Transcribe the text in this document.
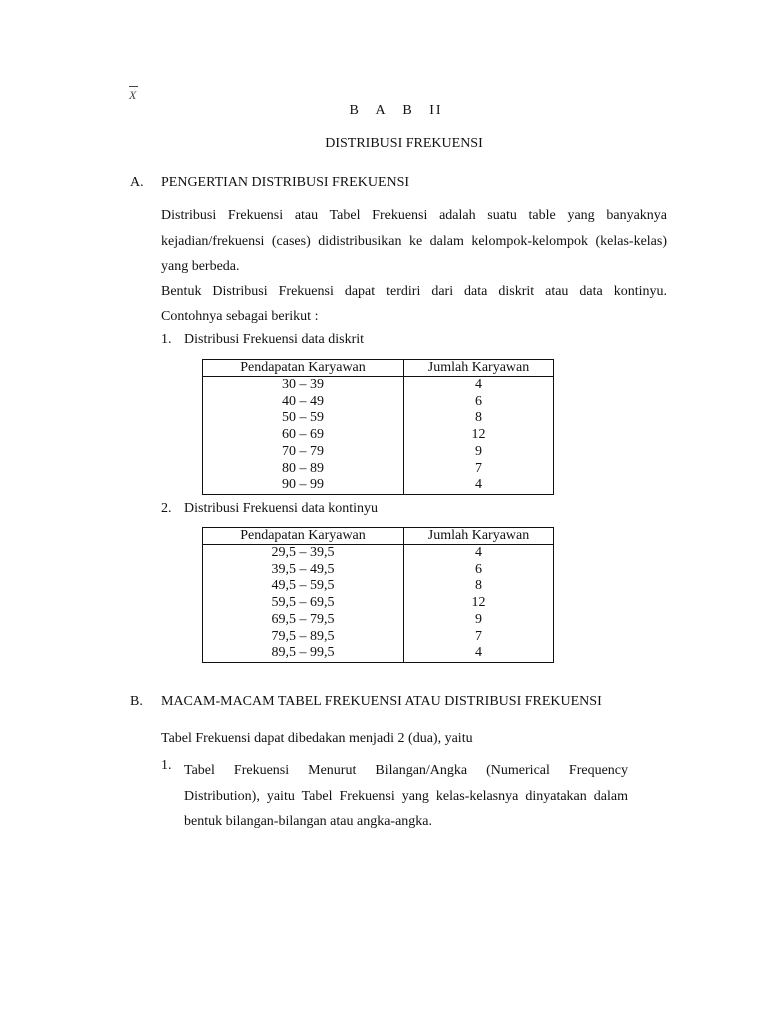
X
B A B II
DISTRIBUSI FREKUENSI
A. PENGERTIAN DISTRIBUSI FREKUENSI
Distribusi Frekuensi atau Tabel Frekuensi adalah suatu table yang banyaknya kejadian/frekuensi (cases) didistribusikan ke dalam kelompok-kelompok (kelas-kelas) yang berbeda.
Bentuk Distribusi Frekuensi dapat terdiri dari data diskrit atau data kontinyu.
Contohnya sebagai berikut :
1. Distribusi Frekuensi data diskrit
Pendapatan Karyawan	Jumlah Karyawan
30 – 39	4
40 – 49	6
50 – 59	8
60 – 69	12
70 – 79	9
80 – 89	7
90 – 99	4
2. Distribusi Frekuensi data kontinyu
Pendapatan Karyawan	Jumlah Karyawan
29,5 – 39,5	4
39,5 – 49,5	6
49,5 – 59,5	8
59,5 – 69,5	12
69,5 – 79,5	9
79,5 – 89,5	7
89,5 – 99,5	4
B. MACAM-MACAM TABEL FREKUENSI ATAU DISTRIBUSI FREKUENSI
Tabel Frekuensi dapat dibedakan menjadi 2 (dua), yaitu
1. Tabel Frekuensi Menurut Bilangan/Angka (Numerical Frequency
Distribution), yaitu Tabel Frekuensi yang kelas-kelasnya dinyatakan dalam
bentuk bilangan-bilangan atau angka-angka.
